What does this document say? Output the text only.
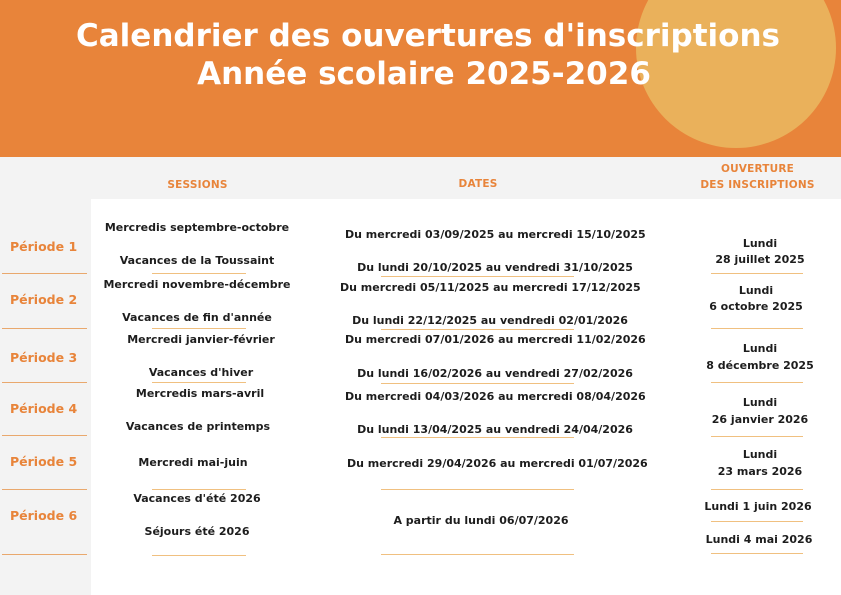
Calendrier des ouvertures d'inscriptions
Année scolaire 2025-2026
SESSIONS	DATES
OUVERTURE
DES INSCRIPTIONS
Période 1
Période 2
Période 3
Période 4
Période 5
Période 6
Mercredis septembre-octobre
Vacances de la Toussaint
Mercredi novembre-décembre
Vacances de fin d'année
Mercredi janvier-février
Vacances d'hiver
Mercredis mars-avril
Vacances de printemps
Mercredi mai-juin
Vacances d'été 2026
Séjours été 2026
Du mercredi 03/09/2025 au mercredi 15/10/2025
Du lundi 20/10/2025 au vendredi 31/10/2025
Du mercredi 05/11/2025 au mercredi 17/12/2025
Du lundi 22/12/2025 au vendredi 02/01/2026
Du mercredi 07/01/2026 au mercredi 11/02/2026
Du lundi 16/02/2026 au vendredi 27/02/2026
Du mercredi 04/03/2026 au mercredi 08/04/2026
Du lundi 13/04/2025 au vendredi 24/04/2026
Du mercredi 29/04/2026 au mercredi 01/07/2026
A partir du lundi 06/07/2026
Lundi
28 juillet 2025
Lundi
6 octobre 2025
Lundi
8 décembre 2025
Lundi
26 janvier 2026
Lundi
23 mars 2026
Lundi 1 juin 2026
Lundi 4 mai 2026
